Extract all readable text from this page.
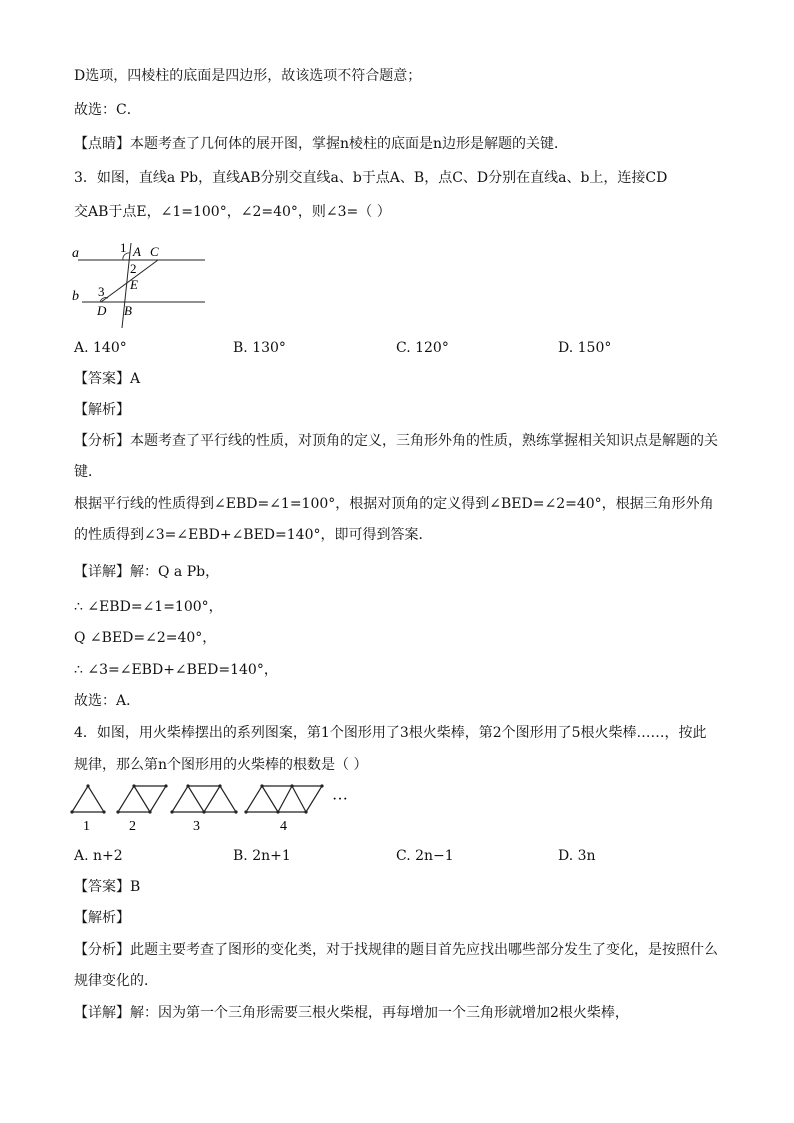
D选项，四棱柱的底面是四边形，故该选项不符合题意；
故选：C．
【点睛】本题考查了几何体的展开图，掌握n棱柱的底面是n边形是解题的关键．
3．如图，直线a Pb，直线AB分别交直线a、b于点A、B，点C、D分别在直线a、b上，连接CD
交AB于点E，∠1=100°，∠2=40°，则∠3=（ ）
a
b
1 A C
2
E
3
D B
A. 140°	B. 130°	C. 120°	D. 150°
【答案】A
【解析】
【分析】本题考查了平行线的性质，对顶角的定义，三角形外角的性质，熟练掌握相关知识点是解题的关
键．
根据平行线的性质得到∠EBD=∠1=100°，根据对顶角的定义得到∠BED=∠2=40°，根据三角形外角
的性质得到∠3=∠EBD+∠BED=140°，即可得到答案．
【详解】解：Q a Pb，
∴ ∠EBD=∠1=100°，
Q ∠BED=∠2=40°，
∴ ∠3=∠EBD+∠BED=140°，
故选：A．
4．如图，用火柴棒摆出的系列图案，第1个图形用了3根火柴棒，第2个图形用了5根火柴棒……，按此
规律，那么第n个图形用的火柴棒的根数是（ ）
1	2	3	4
···
A. n+2	B. 2n+1	C. 2n−1	D. 3n
【答案】B
【解析】
【分析】此题主要考查了图形的变化类，对于找规律的题目首先应找出哪些部分发生了变化，是按照什么
规律变化的．
【详解】解：因为第一个三角形需要三根火柴棍，再每增加一个三角形就增加2根火柴棒，
